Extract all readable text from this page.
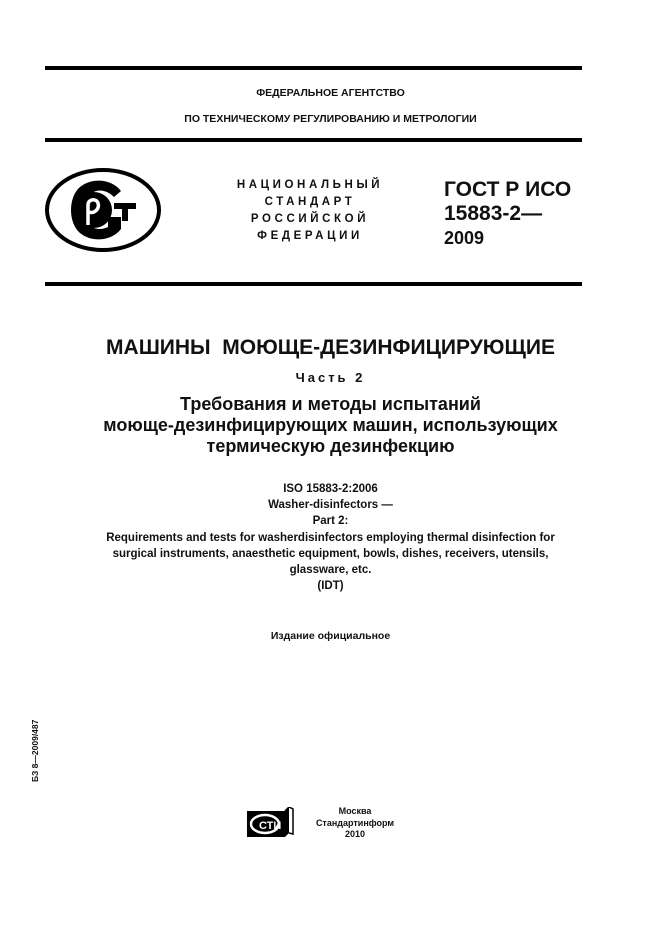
ФЕДЕРАЛЬНОЕ АГЕНТСТВО
ПО ТЕХНИЧЕСКОМУ РЕГУЛИРОВАНИЮ И МЕТРОЛОГИИ
НАЦИОНАЛЬНЫЙ
СТАНДАРТ
РОССИЙСКОЙ
ФЕДЕРАЦИИ
ГОСТ Р ИСО
15883-2—
2009
МАШИНЫ  МОЮЩЕ-ДЕЗИНФИЦИРУЮЩИЕ
Часть 2
Требования и методы испытаний
моюще-дезинфицирующих машин, использующих
термическую дезинфекцию
ISO 15883-2:2006
Washer-disinfectors —
Part 2:
Requirements and tests for washerdisinfectors employing thermal disinfection for
surgical instruments, anaesthetic equipment, bowls, dishes, receivers, utensils,
glassware, etc.
(IDT)
Издание официальное
БЗ 8—2009/487
СТИ
Москва
Стандартинформ
2010
